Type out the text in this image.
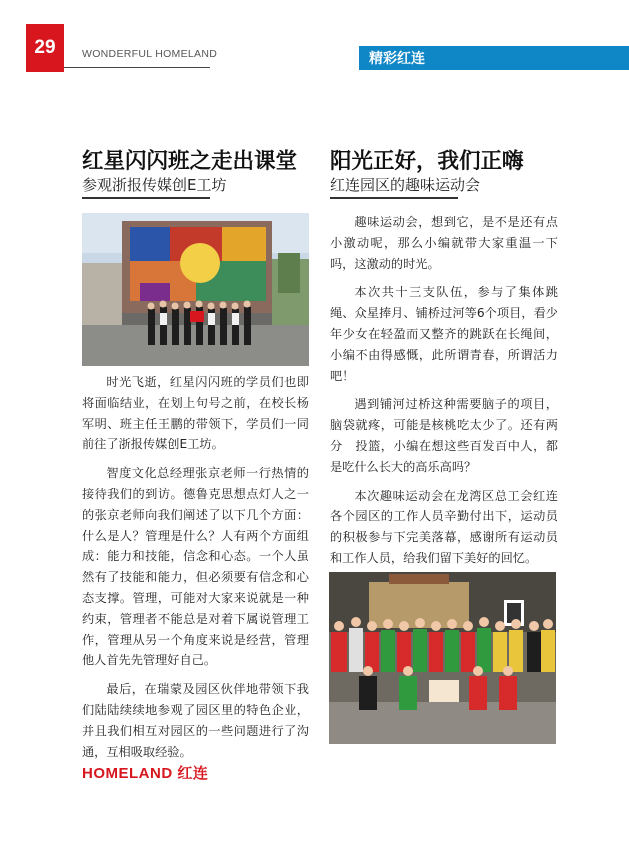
29	WONDERFUL HOMELAND	精彩红连
红星闪闪班之走出课堂
参观浙报传媒创E工坊

时光飞逝，红星闪闪班的学员们也即将面临结业，在划上句号之前，在校长杨军明、班主任王鹏的带领下，学员们一同前往了浙报传媒创E工坊。

智度文化总经理张京老师一行热情的接待我们的到访。德鲁克思想点灯人之一的张京老师向我们阐述了以下几个方面：什么是人？管理是什么？人有两个方面组成：能力和技能，信念和心态。一个人虽然有了技能和能力，但必须要有信念和心态支撑。管理，可能对大家来说就是一种约束，管理者不能总是对着下属说管理工作，管理从另一个角度来说是经营，管理他人首先先管理好自己。

最后，在瑞蒙及园区伙伴地带领下我们陆陆续续地参观了园区里的特色企业，并且我们相互对园区的一些问题进行了沟通，互相吸取经验。

阳光正好，我们正嗨
红连园区的趣味运动会

趣味运动会，想到它，是不是还有点小激动呢，那么小编就带大家重温一下吗，这激动的时光。

本次共十三支队伍，参与了集体跳绳、众星捧月、铺桥过河等6个项目，看少年少女在轻盈而又整齐的跳跃在长绳间，小编不由得感慨，此所谓青春，所谓活力吧！

遇到铺河过桥这种需要脑子的项目，脑袋就疼，可能是核桃吃太少了。还有两分　投篮，小编在想这些百发百中人，都是吃什么长大的高乐高吗？

本次趣味运动会在龙湾区总工会红连各个园区的工作人员辛勤付出下，运动员的积极参与下完美落幕，感谢所有运动员和工作人员，给我们留下美好的回忆。

HOMELAND 红连
